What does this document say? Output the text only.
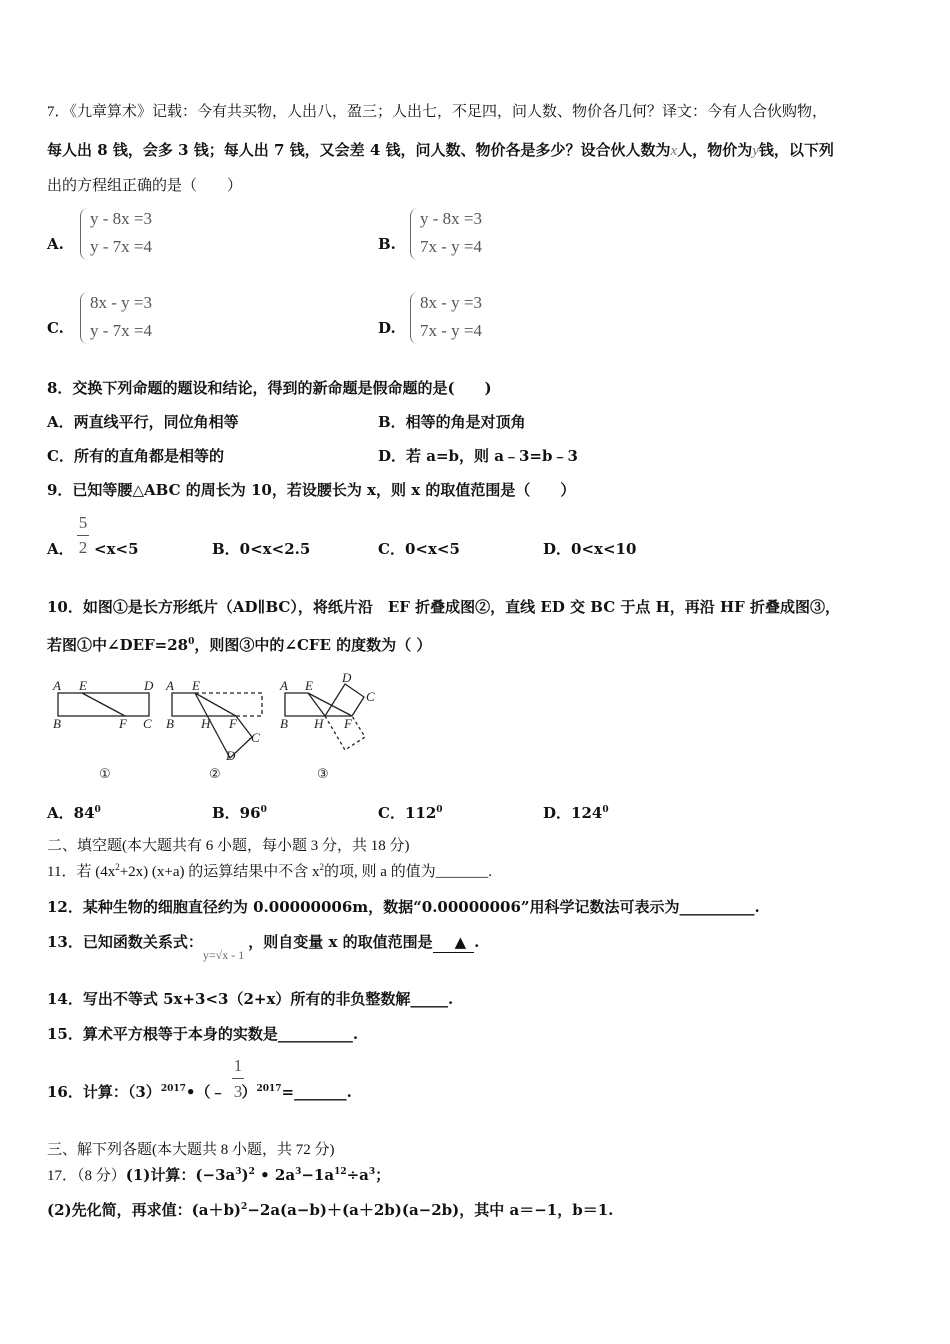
7．《九章算术》记载：今有共买物，人出八，盈三；人出七，不足四，问人数、物价各几何？译文：今有人合伙购物，
每人出 8 钱，会多 3 钱；每人出 7 钱，又会差 4 钱，问人数、物价各是多少？设合伙人数为x人，物价为y钱，以下列
出的方程组正确的是（　　）
A.
y - 8x =3
y - 7x =4	B.
y - 8x =3
7x - y =4
C.
8x - y =3
y - 7x =4	D.
8x - y =3
7x - y =4
8．交换下列命题的题设和结论，得到的新命题是假命题的是(　　)
A．两直线平行，同位角相等	B．相等的角是对顶角
C．所有的直角都是相等的	D．若 a=b，则 a﹣3=b﹣3
9．已知等腰△ABC 的周长为 10，若设腰长为 x，则 x 的取值范围是（　　）
A．
5
2 <x<5	B．0<x<2.5	C．0<x<5	D．0<x<10
10．如图①是长方形纸片（AD∥BC），将纸片沿　EF 折叠成图②，直线 ED 交 BC 于点 H，再沿 HF 折叠成图③，
若图①中$\angle DEF=28^0$，则图③中的∠CFE 的度数为（ ）
A E	D
B	F C
A E
B H F
C
D
A E
D
C
B H F
①	②	③
A．$84^0$	B．$96^0$	C．$112^0$	D．$124^0$
二、填空题(本大题共有 6 小题，每小题 3 分，共 18 分)
11．若 $(4x^2+2x)$ (x+a) 的运算结果中不含 $x^2$的项, 则 a 的值为_______.
12．某种生物的细胞直径约为 0.00000006m，数据“0.00000006”用科学记数法可表示为__________.
13．已知函数关系式：$_{y=√x - 1}$，则自变量 x 的取值范围是 ▲ .
14．写出不等式 5x+3<3（2+x）所有的非负整数解_____.
15．算术平方根等于本身的实数是__________.
16．计算：$(3)^{2017}•(﹣$ ）$^{2017}$=_______.
1
3
三、解下列各题(本大题共 8 小题，共 72 分)
17．（8 分）(1)计算：$(-3a^3)^2$ • $2a^3-1a^{12}\div a^3$；
(2)先化简，再求值：$(a+b)^2-2a(a-b)+(a+2b)(a-2b)$，其中 a＝−1，b＝1.
